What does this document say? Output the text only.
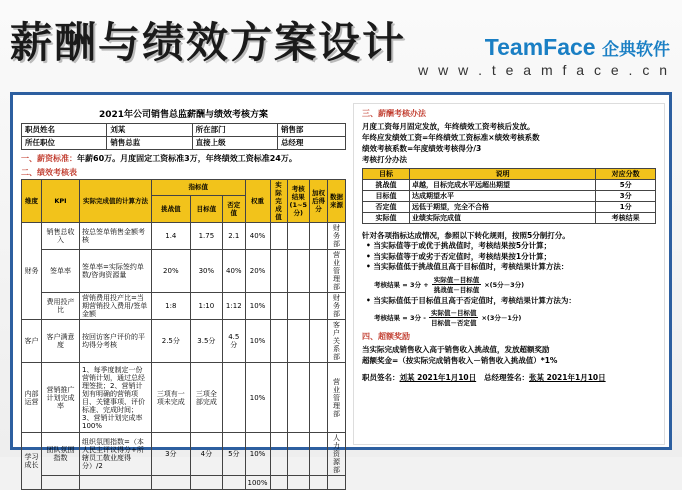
薪酬与绩效方案设计	TeamFace 企典软件
w w w . t e a m f a c e . c n
2021年公司销售总监薪酬与绩效考核方案
职员姓名	刘某	所在部门	销售部
所任职位	销售总监	直接上级	总经理
一、薪资标准：年薪60万。月度固定工资标准3万，年终绩效工资标准24万。
二、绩效考核表
维度	KPI	实际完成值的计算方法	指标值			权重	实际完成值	考核结果(1~5分)	加权后得分	数据来源
			挑战值	目标值	否定值					
财务	销售总收入	按总签单销售金额考核	1.4	1.75	2.1	40%				财务部
	签单率	签单率=实际签约单数/咨询资源量	20%	30%	40%	20%				营业管理部
	费用投产比	营销费用投产比=当期营销投入费用/签单金额	1:8	1:10	1:12	10%				财务部
客户	客户满意度	按回访客户评价的平均得分考核	2.5分	3.5分	4.5分	10%				客户关系部
内部运营	营销推广计划完成率	1、每季度制定一份营销计划，通过总经理签批；2、营销计划有明确的营销项目、关键事项、评价标准、完成时间；3、营销计划完成率100%	三项有一项未完成	三项全部完成		10%				营业管理部
学习成长	团队氛围指数	组织氛围指数=（本人民主评议得分+所辖员工敬业度得分）/2	3分	4分	5分	10%				人力资源部
						100%				
三、薪酬考核办法

月度工资每月固定发放，年终绩效工资考核后发放。

年终应发绩效工资=年终绩效工资标准×绩效考核系数

绩效考核系数=年度绩效考核得分/3

考核打分办法

目标	说明	对应分数
挑战值	卓越，目标完成水平远超出期望	5分
目标值	达成期望水平	3分
否定值	远低于期望，完全不合格	1分
实际值	业绩实际完成值	考核结果

针对各项指标达成情况，参照以下转化规则，按照5分制打分。

• 当实际值等于或优于挑战值时，考核结果按5分计算；
• 当实际值等于或劣于否定值时，考核结果按1分计算；
• 当实际值低于挑战值且高于目标值时，考核结果计算方法：
考核结果 = 3分 + $\frac{\text{实际值－目标值}}{\text{挑战值－目标值}} \times(5$分－3分)
• 当实际值低于目标值且高于否定值时，考核结果计算方法为：
考核结果 = 3分 - $\frac{\text{实际值－目标值}}{\text{目标值－否定值}} \times(3$分－1分)
四、超额奖励

当实际完成销售收入高于销售收入挑战值，发放超额奖励

超额奖金=（按实际完成销售收入－销售收入挑战值）*1%

职员签名：刘某 2021年1月10日 总经理签名：张某 2021年1月10日
